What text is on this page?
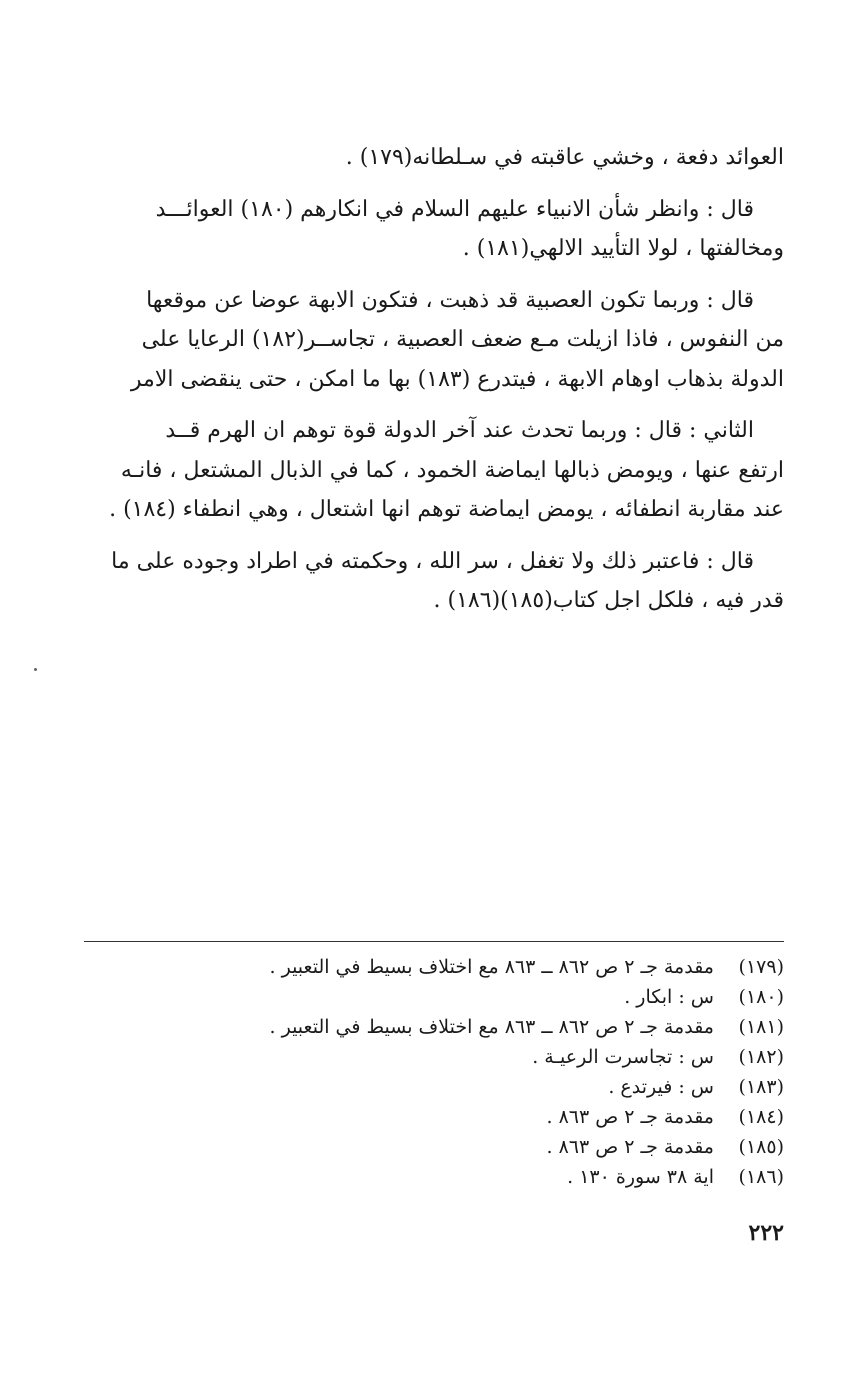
العوائد دفعة ، وخشي عاقبته في سـلطانه(١٧٩) .
قال : وانظر شأن الانبياء عليهم السلام في انكارهم (١٨٠) العوائـــد
ومخالفتها ، لولا التأييد الالهي(١٨١) .
قال : وربما تكون العصبية قد ذهبت ، فتكون الابهة عوضا عن موقعها
من النفوس ، فاذا ازيلت مـع ضعف العصبية ، تجاســر(١٨٢) الرعايا على
الدولة بذهاب اوهام الابهة ، فيتدرع (١٨٣) بها ما امكن ، حتى ينقضى الامر
الثاني : قال : وربما تحدث عند آخر الدولة قوة توهم ان الهرم قــد
ارتفع عنها ، ويومض ذبالها ايماضة الخمود ، كما في الذبال المشتعل ، فانـه
عند مقاربة انطفائه ، يومض ايماضة توهم انها اشتعال ، وهي انطفاء (١٨٤) .
قال : فاعتبر ذلك ولا تغفل ، سر الله ، وحكمته في اطراد وجوده على ما
قدر فيه ، فلكل اجل كتاب(١٨٥)(١٨٦) .
(١٧٩)
مقدمة جـ ٢ ص ٨٦٢ ــ ٨٦٣ مع اختلاف بسيط في التعبير .
(١٨٠)
س : ابكار .
(١٨١)
مقدمة جـ ٢ ص ٨٦٢ ــ ٨٦٣ مع اختلاف بسيط في التعبير .
(١٨٢)
س : تجاسرت الرعيـة .
(١٨٣)
س : فيرتدع .
(١٨٤)
مقدمة جـ ٢ ص ٨٦٣ .
(١٨٥)
مقدمة جـ ٢ ص ٨٦٣ .
(١٨٦)
اية ٣٨ سورة ١٣٠ .
٢٢٢
